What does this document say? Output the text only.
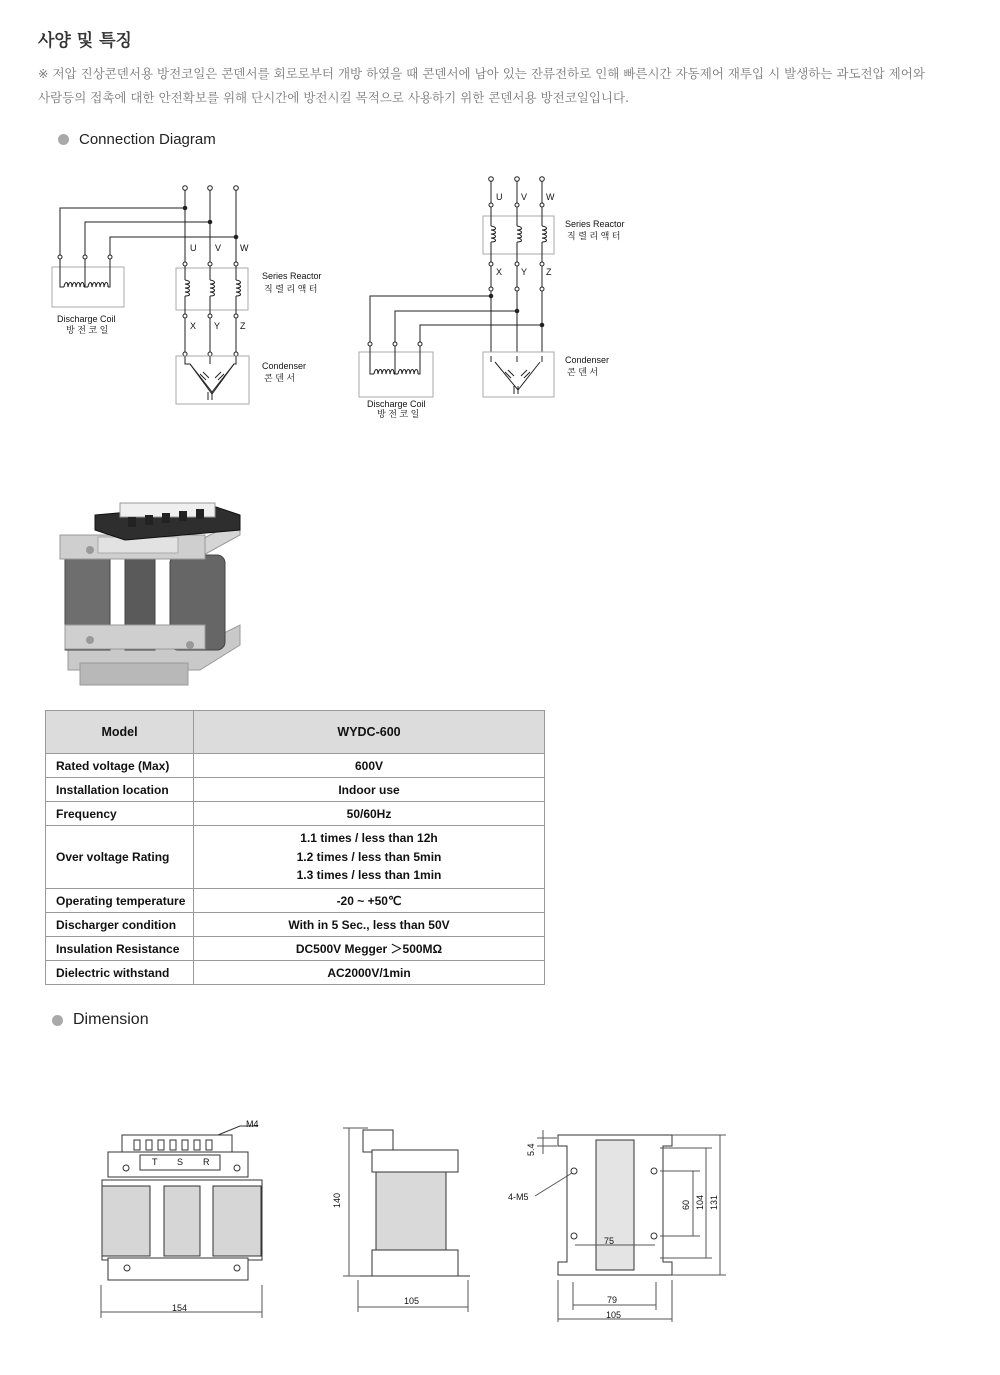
사양 및 특징
※ 저압 진상콘덴서용 방전코일은 콘덴서를 회로로부터 개방 하였을 때 콘덴서에 남아 있는 잔류전하로 인해 빠른시간 자동제어 재투입 시 발생하는 과도전압 제어와
사람등의 접촉에 대한 안전확보를 위해 단시간에 방전시킬 목적으로 사용하기 위한 콘덴서용 방전코일입니다.
Connection Diagram
U V W
X Y Z
Series Reactor
직 렬 리 액 터
Discharge Coil
방 전 코 일
Condenser
콘 덴 서
U V W
X Y Z
Series Reactor
직 렬 리 액 터
Condenser
콘 덴 서
Discharge Coil
방 전 코 일
Model	WYDC-600
Rated voltage (Max)	600V
Installation location	Indoor use
Frequency	50/60Hz
Over voltage Rating	1.1 times / less than 12h
1.2 times / less than 5min
1.3 times / less than 1min

Operating temperature	-20 ~ +50℃
Discharger condition	With in 5 Sec., less than 50V
Insulation Resistance	DC500V Megger ＞500MΩ
Dielectric withstand	AC2000V/1min
Dimension
M4
T S R
154
140
105
5.4
4-M5
75
60 104 131
79
105
